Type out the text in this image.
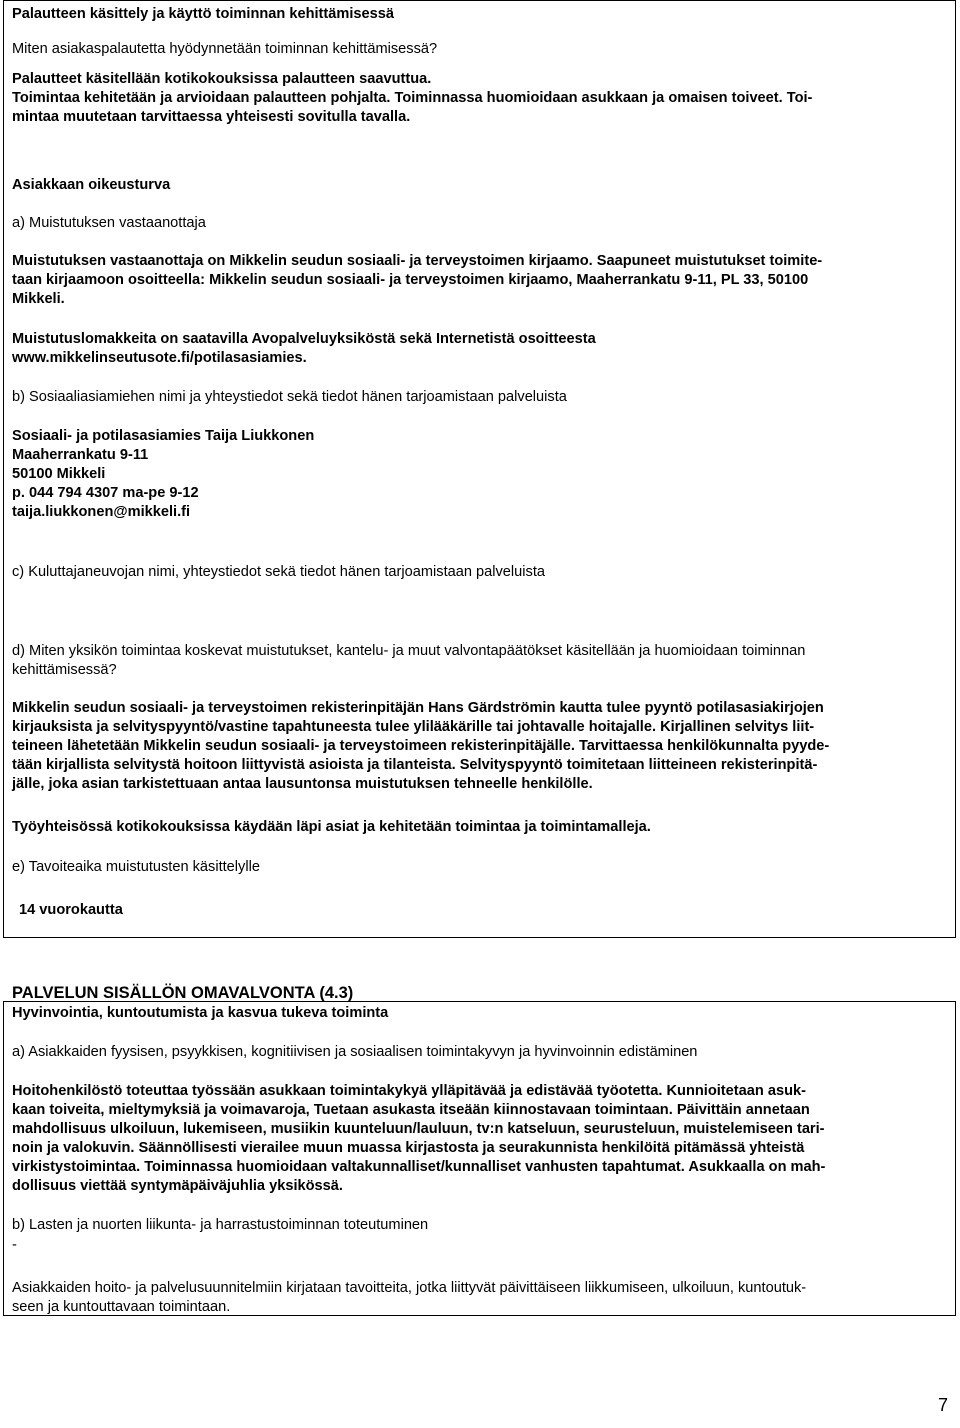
Palautteen käsittely ja käyttö toiminnan kehittämisessä
Miten asiakaspalautetta hyödynnetään toiminnan kehittämisessä?
Palautteet käsitellään kotikokouksissa palautteen saavuttua.
Toimintaa kehitetään ja arvioidaan palautteen pohjalta. Toiminnassa huomioidaan asukkaan ja omaisen toiveet. Toi-
mintaa muutetaan tarvittaessa yhteisesti sovitulla tavalla.
Asiakkaan oikeusturva
a) Muistutuksen vastaanottaja
Muistutuksen vastaanottaja on Mikkelin seudun sosiaali- ja terveystoimen kirjaamo. Saapuneet muistutukset toimite-
taan kirjaamoon osoitteella: Mikkelin seudun sosiaali- ja terveystoimen kirjaamo, Maaherrankatu 9-11, PL 33, 50100
Mikkeli.
Muistutuslomakkeita on saatavilla Avopalveluyksiköstä sekä Internetistä osoitteesta
www.mikkelinseutusote.fi/potilasasiamies.
b) Sosiaaliasiamiehen nimi ja yhteystiedot sekä tiedot hänen tarjoamistaan palveluista
Sosiaali- ja potilasasiamies Taija Liukkonen
Maaherrankatu 9-11
50100 Mikkeli
p. 044 794 4307 ma-pe 9-12
taija.liukkonen@mikkeli.fi
c) Kuluttajaneuvojan nimi, yhteystiedot sekä tiedot hänen tarjoamistaan palveluista
d) Miten yksikön toimintaa koskevat muistutukset, kantelu- ja muut valvontapäätökset käsitellään ja huomioidaan toiminnan
kehittämisessä?
Mikkelin seudun sosiaali- ja terveystoimen rekisterinpitäjän Hans Gärdströmin kautta tulee pyyntö potilasasiakirjojen
kirjauksista ja selvityspyyntö/vastine tapahtuneesta tulee ylilääkärille tai johtavalle hoitajalle. Kirjallinen selvitys liit-
teineen lähetetään Mikkelin seudun sosiaali- ja terveystoimeen rekisterinpitäjälle. Tarvittaessa henkilökunnalta pyyde-
tään kirjallista selvitystä hoitoon liittyvistä asioista ja tilanteista. Selvityspyyntö toimitetaan liitteineen rekisterinpitä-
jälle, joka asian tarkistettuaan antaa lausuntonsa muistutuksen tehneelle henkilölle.
Työyhteisössä kotikokouksissa käydään läpi asiat ja kehitetään toimintaa ja toimintamalleja.
e) Tavoiteaika muistutusten käsittelylle
14 vuorokautta
PALVELUN SISÄLLÖN OMAVALVONTA (4.3)
Hyvinvointia, kuntoutumista ja kasvua tukeva toiminta
a) Asiakkaiden fyysisen, psyykkisen, kognitiivisen ja sosiaalisen toimintakyvyn ja hyvinvoinnin edistäminen
Hoitohenkilöstö toteuttaa työssään asukkaan toimintakykyä ylläpitävää ja edistävää työotetta. Kunnioitetaan asuk-
kaan toiveita, mieltymyksiä ja voimavaroja, Tuetaan asukasta itseään kiinnostavaan toimintaan. Päivittäin annetaan
mahdollisuus ulkoiluun, lukemiseen, musiikin kuunteluun/lauluun, tv:n katseluun, seurusteluun, muistelemiseen tari-
noin ja valokuvin. Säännöllisesti vierailee muun muassa kirjastosta ja seurakunnista henkilöitä pitämässä yhteistä
virkistystoimintaa. Toiminnassa huomioidaan valtakunnalliset/kunnalliset vanhusten tapahtumat. Asukkaalla on mah-
dollisuus viettää syntymäpäiväjuhlia yksikössä.
b) Lasten ja nuorten liikunta- ja harrastustoiminnan toteutuminen
-
Asiakkaiden hoito- ja palvelusuunnitelmiin kirjataan tavoitteita, jotka liittyvät päivittäiseen liikkumiseen, ulkoiluun, kuntoutuk-
seen ja kuntouttavaan toimintaan.
7
